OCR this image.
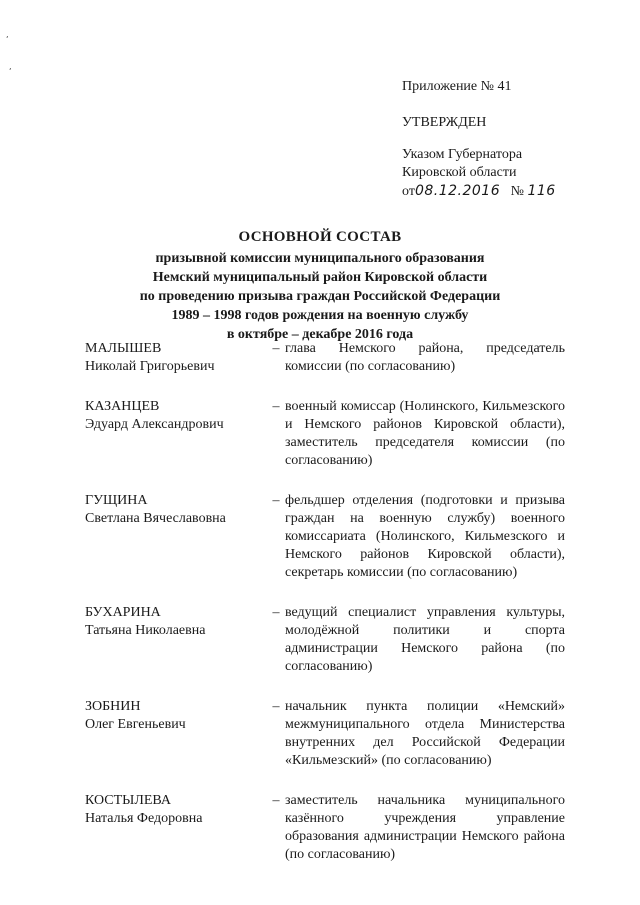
,
,
Приложение № 41
УТВЕРЖДЕН
Указом Губернатора
Кировской области
от08.12.2016 № 116
ОСНОВНОЙ СОСТАВ
призывной комиссии муниципального образования
Немский муниципальный район Кировской области
по проведению призыва граждан Российской Федерации
1989 – 1998 годов рождения на военную службу
в октябре – декабре 2016 года
МАЛЫШЕВ
Николай Григорьевич
– глава Немского района, председатель комиссии (по согласованию)
КАЗАНЦЕВ
Эдуард Александрович
– военный комиссар (Нолинского, Кильмезского и Немского районов Кировской области), заместитель председателя комиссии (по согласованию)
ГУЩИНА
Светлана Вячеславовна
– фельдшер отделения (подготовки и призыва граждан на военную службу) военного комиссариата (Нолинского, Кильмезского и Немского районов Кировской области), секретарь комиссии (по согласованию)
БУХАРИНА
Татьяна Николаевна
– ведущий специалист управления культуры, молодёжной политики и спорта администрации Немского района (по согласованию)
ЗОБНИН
Олег Евгеньевич
– начальник пункта полиции «Немский» межмуниципального отдела Министерства внутренних дел Российской Федерации «Кильмезский» (по согласованию)
КОСТЫЛЕВА
Наталья Федоровна
– заместитель начальника муниципального казённого учреждения управление образования администрации Немского района (по согласованию)
